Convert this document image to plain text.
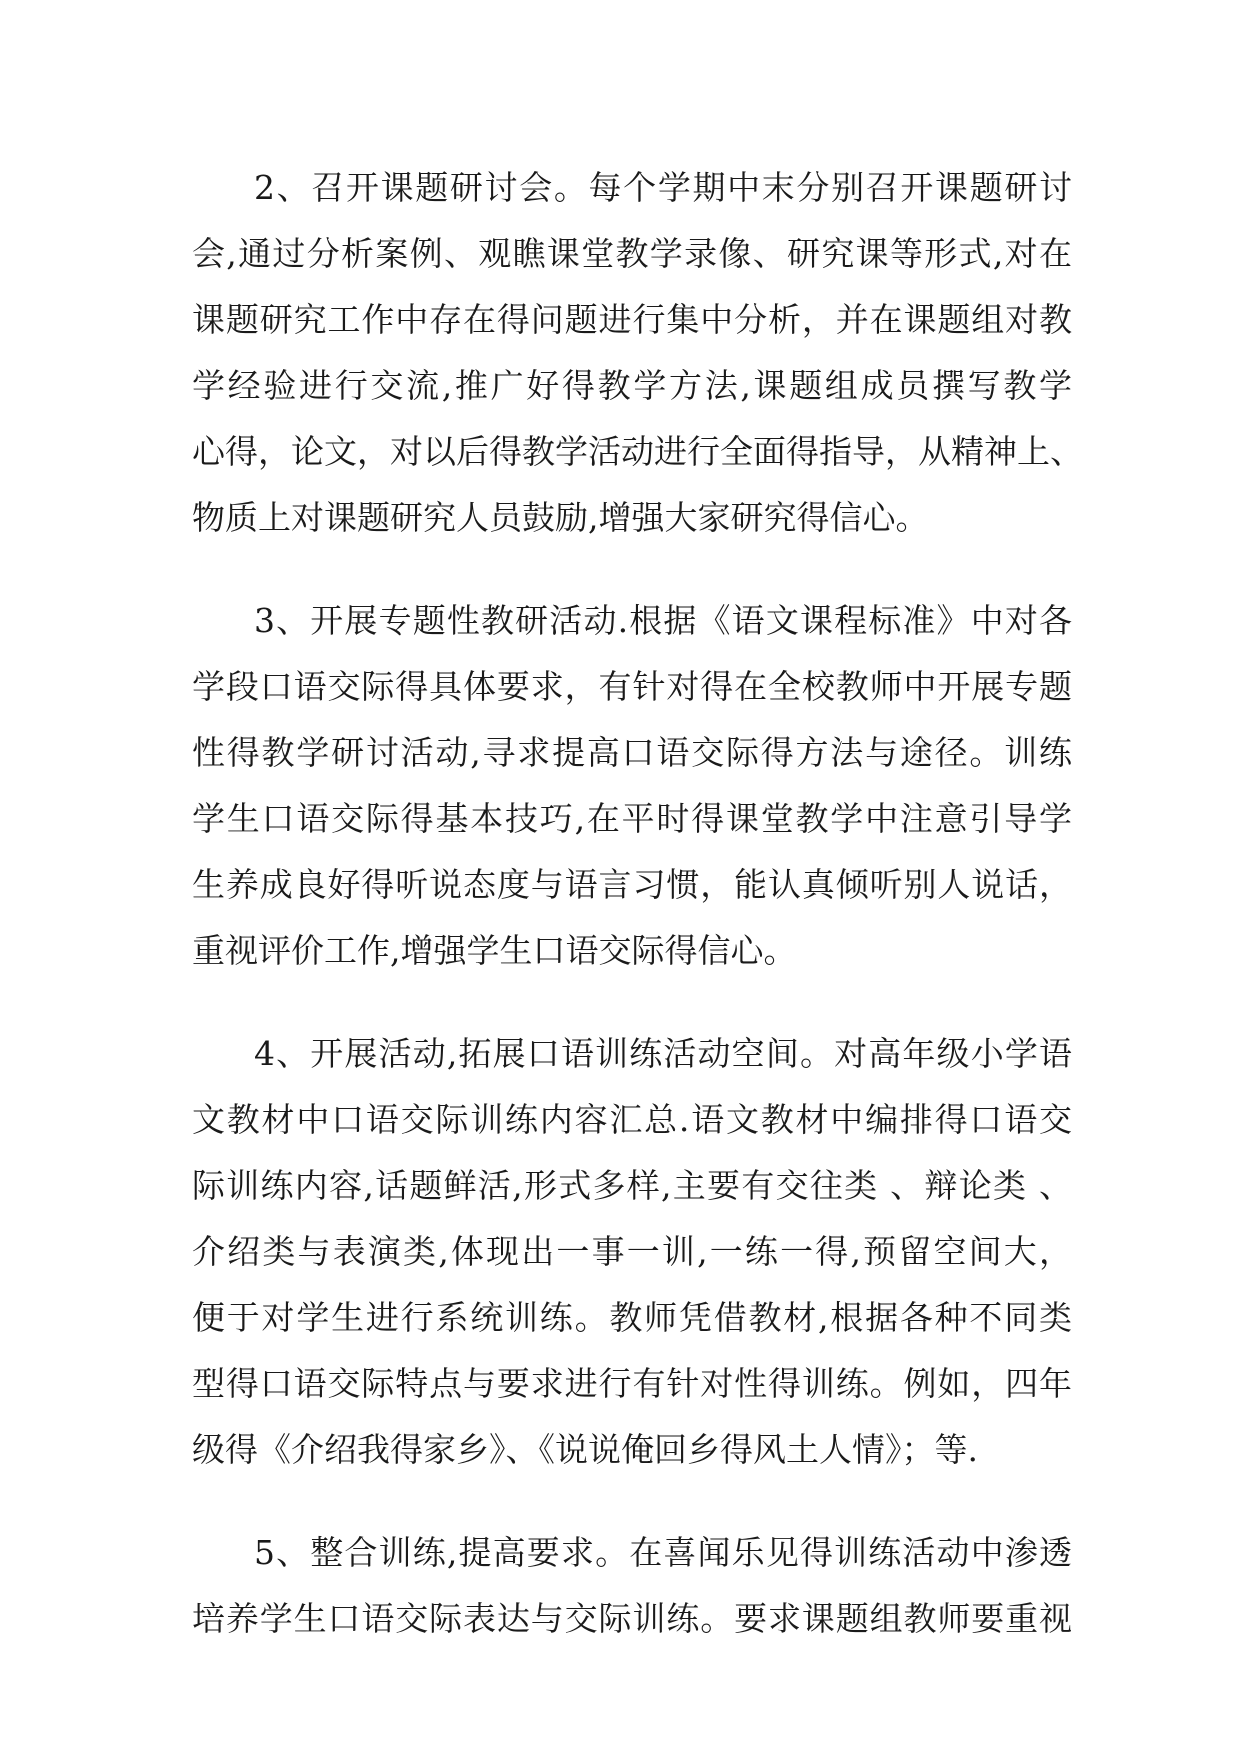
2、召开课题研讨会。每个学期中末分别召开课题研讨
会,通过分析案例、观瞧课堂教学录像、研究课等形式,对在
课题研究工作中存在得问题进行集中分析，并在课题组对教
学经验进行交流,推广好得教学方法,课题组成员撰写教学
心得，论文，对以后得教学活动进行全面得指导，从精神上、
物质上对课题研究人员鼓励,增强大家研究得信心。
3、开展专题性教研活动.根据《语文课程标准》中对各
学段口语交际得具体要求，有针对得在全校教师中开展专题
性得教学研讨活动,寻求提高口语交际得方法与途径。训练
学生口语交际得基本技巧,在平时得课堂教学中注意引导学
生养成良好得听说态度与语言习惯，能认真倾听别人说话，
重视评价工作,增强学生口语交际得信心。
4、开展活动,拓展口语训练活动空间。对高年级小学语
文教材中口语交际训练内容汇总.语文教材中编排得口语交
际训练内容,话题鲜活,形式多样,主要有交往类 、辩论类 、
介绍类与表演类,体现出一事一训,一练一得,预留空间大，
便于对学生进行系统训练。教师凭借教材,根据各种不同类
型得口语交际特点与要求进行有针对性得训练。例如，四年
级得《介绍我得家乡》、《说说俺回乡得风土人情》；等.
5、整合训练,提高要求。在喜闻乐见得训练活动中渗透
培养学生口语交际表达与交际训练。要求课题组教师要重视
